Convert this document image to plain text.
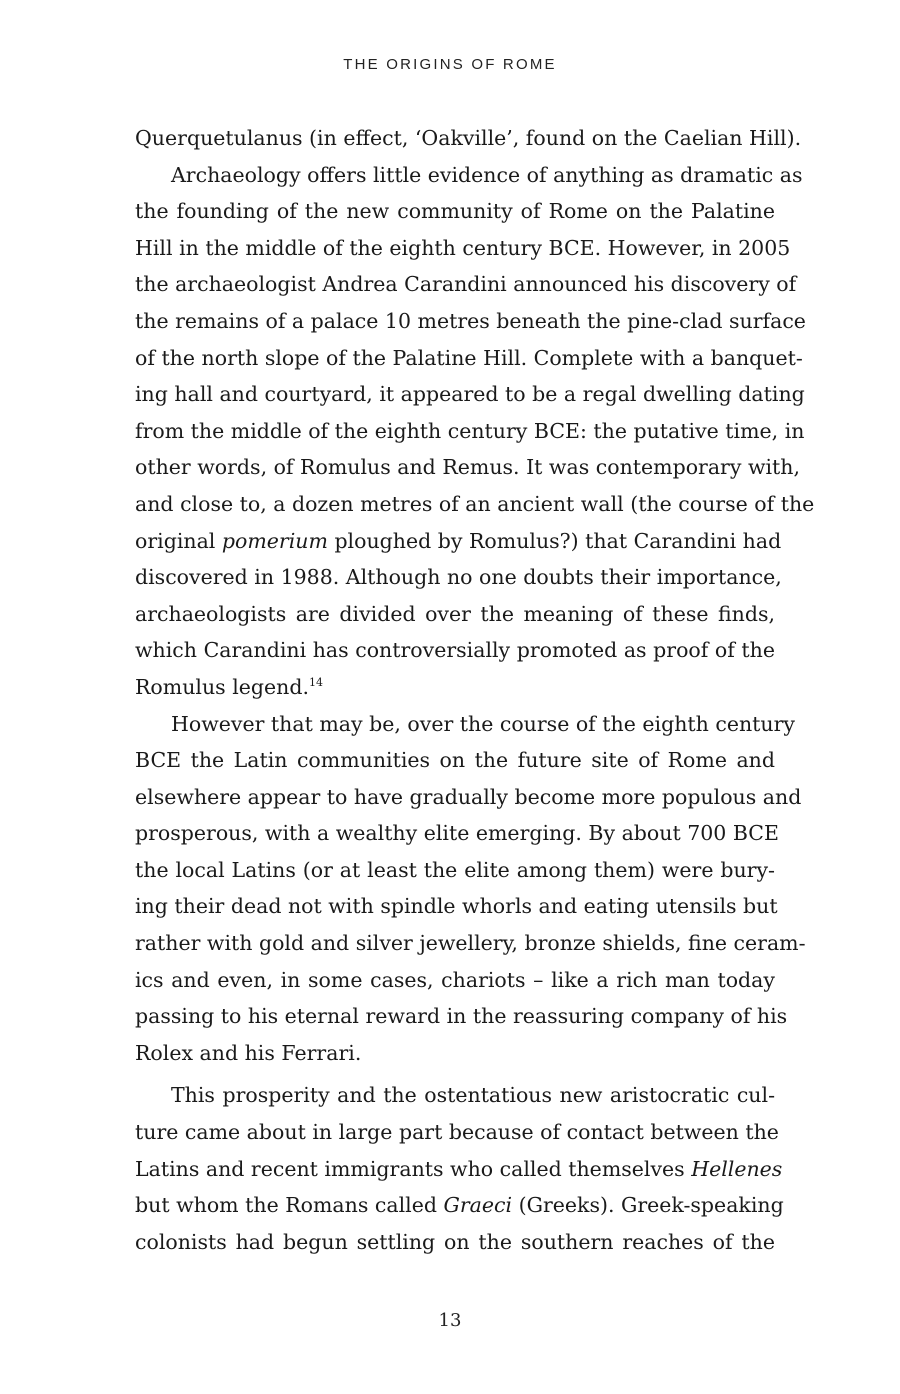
THE ORIGINS OF ROME

Querquetulanus (in effect, ‘Oakville’, found on the Caelian Hill).

Archaeology offers little evidence of anything as dramatic as
the founding of the new community of Rome on the Palatine
Hill in the middle of the eighth century BCE. However, in 2005
the archaeologist Andrea Carandini announced his discovery of
the remains of a palace 10 metres beneath the pine-clad surface
of the north slope of the Palatine Hill. Complete with a banquet-
ing hall and courtyard, it appeared to be a regal dwelling dating
from the middle of the eighth century BCE: the putative time, in
other words, of Romulus and Remus. It was contemporary with,
and close to, a dozen metres of an ancient wall (the course of the
original pomerium ploughed by Romulus?) that Carandini had
discovered in 1988. Although no one doubts their importance,
archaeologists are divided over the meaning of these finds,
which Carandini has controversially promoted as proof of the
Romulus legend.$^{14}$

However that may be, over the course of the eighth century
BCE the Latin communities on the future site of Rome and
elsewhere appear to have gradually become more populous and
prosperous, with a wealthy elite emerging. By about 700 BCE
the local Latins (or at least the elite among them) were bury-
ing their dead not with spindle whorls and eating utensils but
rather with gold and silver jewellery, bronze shields, fine ceram-
ics and even, in some cases, chariots – like a rich man today
passing to his eternal reward in the reassuring company of his
Rolex and his Ferrari.

This prosperity and the ostentatious new aristocratic cul-
ture came about in large part because of contact between the
Latins and recent immigrants who called themselves Hellenes
but whom the Romans called Graeci (Greeks). Greek-speaking
colonists had begun settling on the southern reaches of the

13
